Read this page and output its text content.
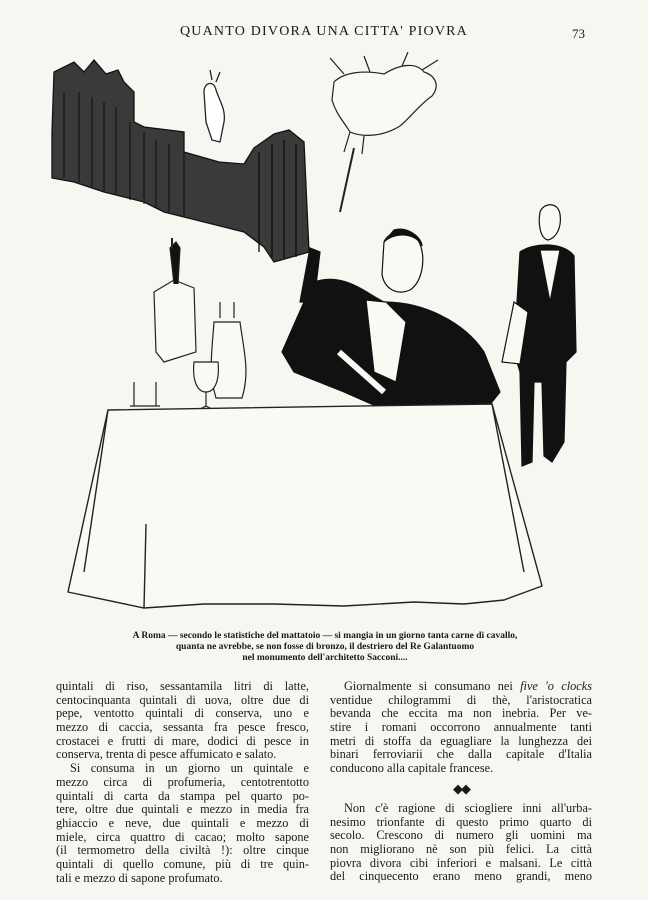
QUANTO DIVORA UNA CITTA' PIOVRA	73
A Roma — secondo le statistiche del mattatoio — si mangia in un giorno tanta carne di cavallo,
quanta ne avrebbe, se non fosse di bronzo, il destriero del Re Galantuomo
nel monumento dell'architetto Sacconi....
quintali di riso, sessantamila litri di latte,
centocinquanta quintali di uova, oltre due di
pepe, ventotto quintali di conserva, uno e
mezzo di caccia, sessanta fra pesce fresco,
crostacei e frutti di mare, dodici di pesce in
conserva, trenta di pesce affumicato e salato.
Si consuma in un giorno un quintale e
mezzo circa di profumeria, centotrentotto
quintali di carta da stampa pel quarto po-
tere, oltre due quintali e mezzo in media fra
ghiaccio e neve, due quintali e mezzo di
miele, circa quattro di cacao; molto sapone
(il termometro della civiltà !): oltre cinque
quintali di quello comune, più di tre quin-
tali e mezzo di sapone profumato.
Giornalmente si consumano nei five 'o clocks
ventidue chilogrammi di thè, l'aristocratica
bevanda che eccita ma non inebria. Per ve-
stire i romani occorrono annualmente tanti
metri di stoffa da eguagliare la lunghezza dei
binari ferroviarii che dalla capitale d'Italia
conducono alla capitale francese.
◆◆
Non c'è ragione di sciogliere inni all'urba-
nesimo trionfante di questo primo quarto di
secolo. Crescono di numero gli uomini ma
non migliorano nè son più felici. La città
piovra divora cibi inferiori e malsani. Le città
del cinquecento erano meno grandi, meno
